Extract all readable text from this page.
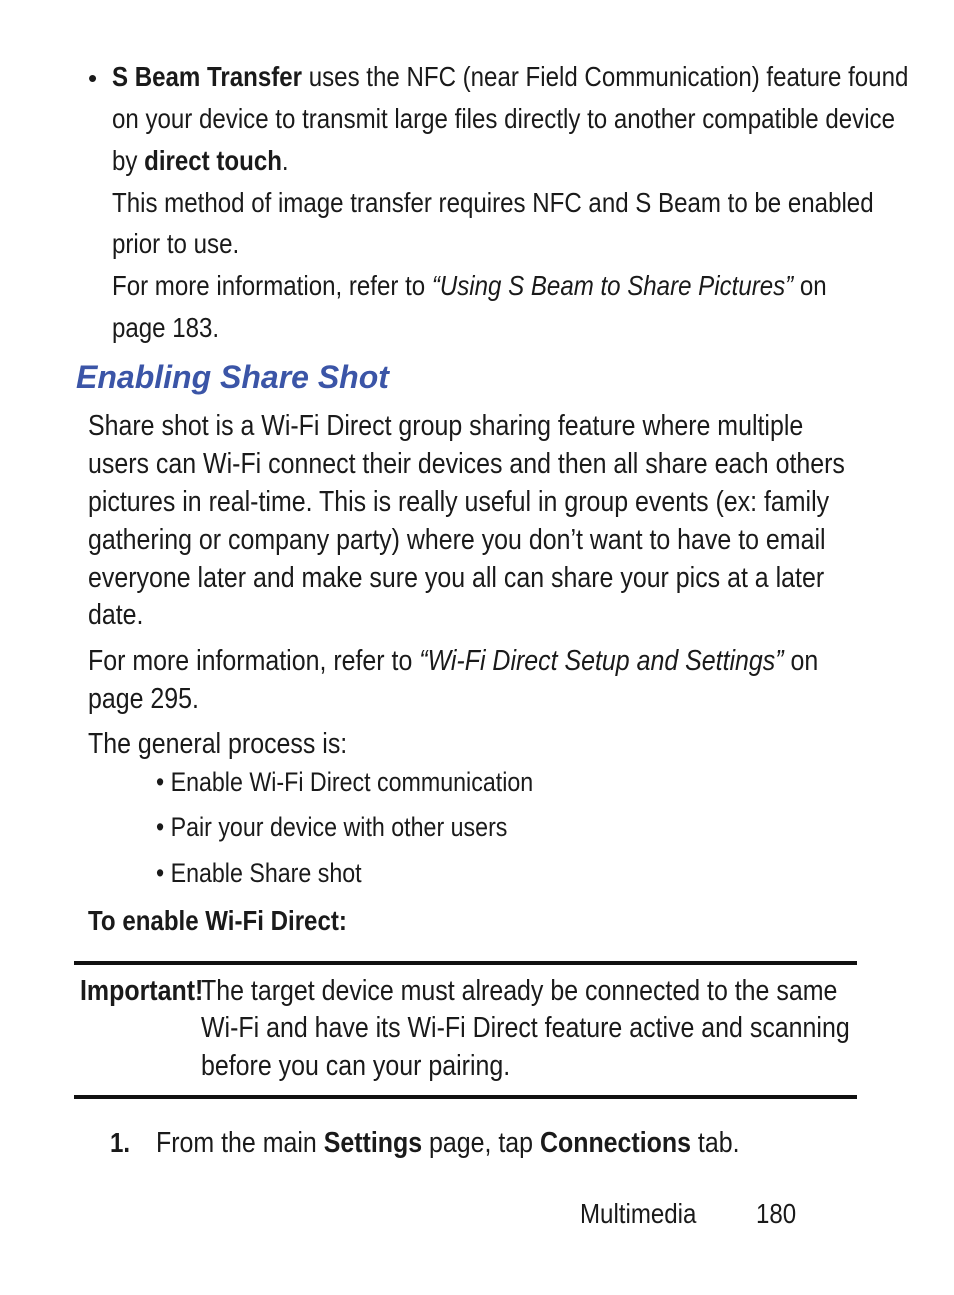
• S Beam Transfer uses the NFC (near Field Communication) feature found
on your device to transmit large files directly to another compatible device
by direct touch.
This method of image transfer requires NFC and S Beam to be enabled
prior to use.
For more information, refer to “Using S Beam to Share Pictures” on
page 183.
Enabling Share Shot
Share shot is a Wi-Fi Direct group sharing feature where multiple
users can Wi-Fi connect their devices and then all share each others
pictures in real-time. This is really useful in group events (ex: family
gathering or company party) where you don’t want to have to email
everyone later and make sure you all can share your pics at a later
date.
For more information, refer to “Wi-Fi Direct Setup and Settings” on
page 295.
The general process is:
• Enable Wi-Fi Direct communication
• Pair your device with other users
• Enable Share shot
To enable Wi-Fi Direct:
Important!
The target device must already be connected to the same
Wi-Fi and have its Wi-Fi Direct feature active and scanning
before you can your pairing.
1. From the main Settings page, tap Connections tab.
Multimedia 180
